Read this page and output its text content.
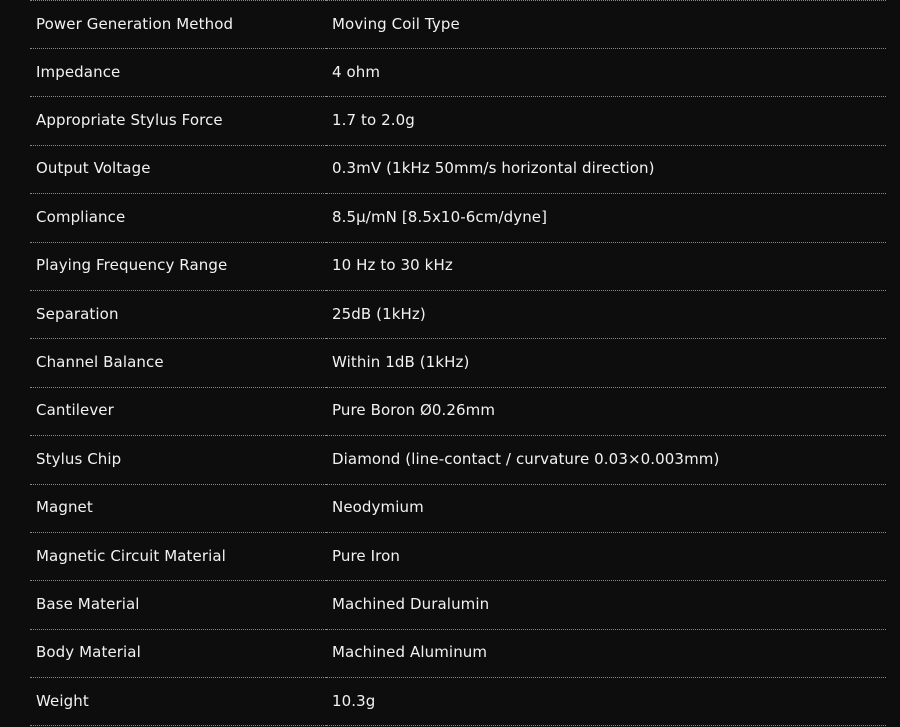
Power Generation Method	Moving Coil Type
Impedance	4 ohm
Appropriate Stylus Force	1.7 to 2.0g
Output Voltage	0.3mV (1kHz 50mm/s horizontal direction)
Compliance	8.5μ/mN [8.5x10-6cm/dyne]
Playing Frequency Range	10 Hz to 30 kHz
Separation	25dB (1kHz)
Channel Balance	Within 1dB (1kHz)
Cantilever	Pure Boron Ø0.26mm
Stylus Chip	Diamond (line-contact / curvature 0.03×0.003mm)
Magnet	Neodymium
Magnetic Circuit Material	Pure Iron
Base Material	Machined Duralumin
Body Material	Machined Aluminum
Weight	10.3g
